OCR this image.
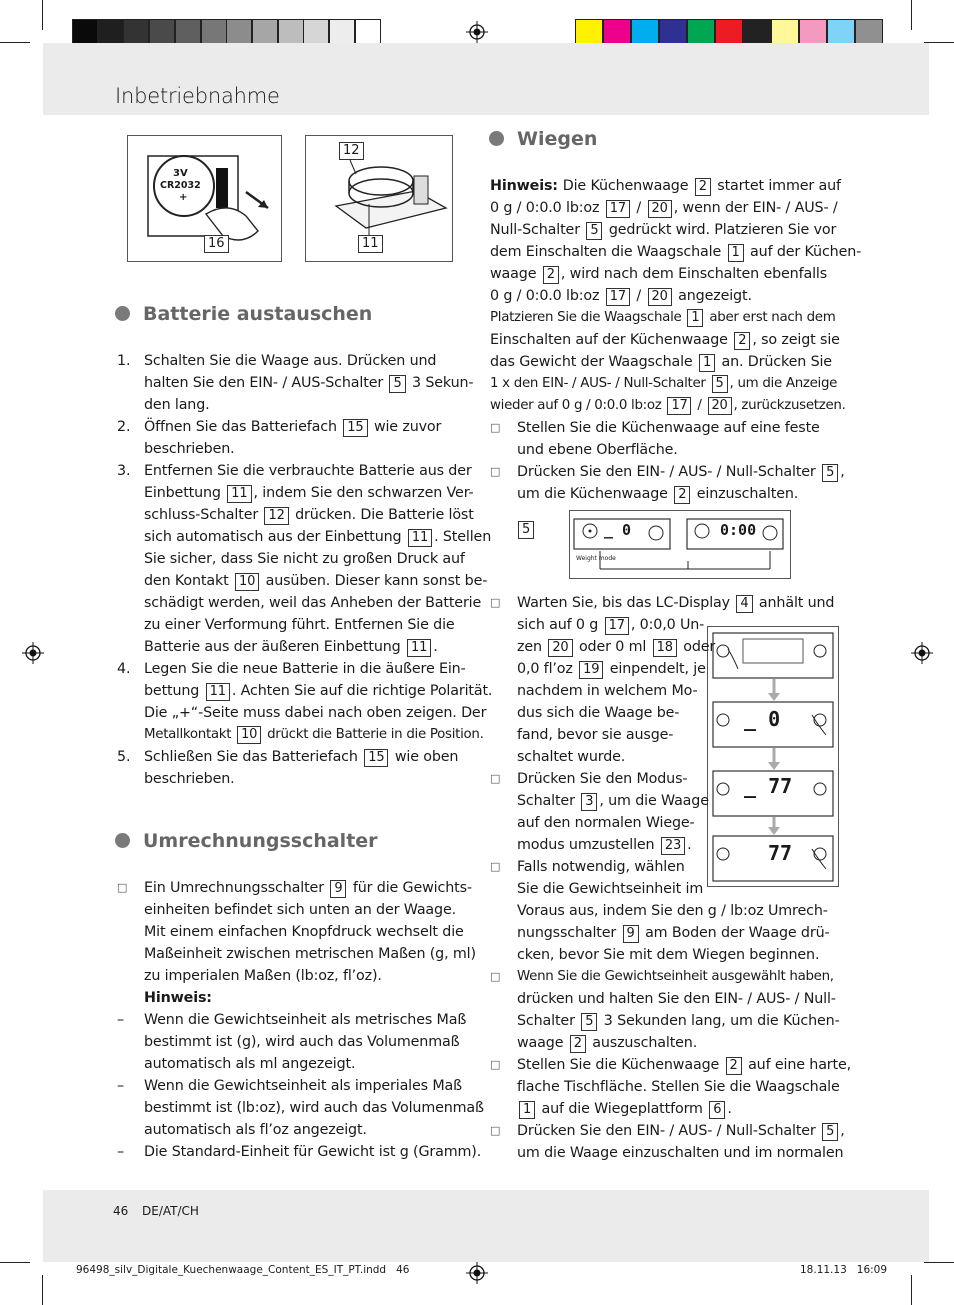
Inbetriebnahme
3V
CR2032
+
16
12
11
Batterie austauschen
1. Schalten Sie die Waage aus. Drücken und
halten Sie den EIN- / AUS-Schalter 5 3 Sekun-
den lang.
2. Öffnen Sie das Batteriefach 15 wie zuvor
beschrieben.
3. Entfernen Sie die verbrauchte Batterie aus der
Einbettung 11 , indem Sie den schwarzen Ver-
schluss-Schalter 12 drücken. Die Batterie löst
sich automatisch aus der Einbettung 11 . Stellen
Sie sicher, dass Sie nicht zu großen Druck auf
den Kontakt 10 ausüben. Dieser kann sonst be-
schädigt werden, weil das Anheben der Batterie
zu einer Verformung führt. Entfernen Sie die
Batterie aus der äußeren Einbettung 11 .
4. Legen Sie die neue Batterie in die äußere Ein-
bettung 11 . Achten Sie auf die richtige Polarität.
Die „+“-Seite muss dabei nach oben zeigen. Der
Metallkontakt 10 drückt die Batterie in die Position.
5. Schließen Sie das Batteriefach 15 wie oben
beschrieben.
Umrechnungsschalter
□ Ein Umrechnungsschalter 9 für die Gewichts-
einheiten befindet sich unten an der Waage.
Mit einem einfachen Knopfdruck wechselt die
Maßeinheit zwischen metrischen Maßen (g, ml)
zu imperialen Maßen (lb:oz, fl’oz).
Hinweis:
– Wenn die Gewichtseinheit als metrisches Maß
bestimmt ist (g), wird auch das Volumenmaß
automatisch als ml angezeigt.
– Wenn die Gewichtseinheit als imperiales Maß
bestimmt ist (lb:oz), wird auch das Volumenmaß
automatisch als fl’oz angezeigt.
– Die Standard-Einheit für Gewicht ist g (Gramm).
Wiegen
Hinweis: Die Küchenwaage 2 startet immer auf
0 g / 0:0.0 lb:oz 17 / 20 , wenn der EIN- / AUS- /
Null-Schalter 5 gedrückt wird. Platzieren Sie vor
dem Einschalten die Waagschale 1 auf der Küchen-
waage 2 , wird nach dem Einschalten ebenfalls
0 g / 0:0.0 lb:oz 17 / 20 angezeigt.
Platzieren Sie die Waagschale 1 aber erst nach dem
Einschalten auf der Küchenwaage 2 , so zeigt sie
das Gewicht der Waagschale 1 an. Drücken Sie
1 x den EIN- / AUS- / Null-Schalter 5 , um die Anzeige
wieder auf 0 g / 0:0.0 lb:oz 17 / 20 , zurückzusetzen.
□ Stellen Sie die Küchenwaage auf eine feste
und ebene Oberfläche.
□ Drücken Sie den EIN- / AUS- / Null-Schalter 5 ,
um die Küchenwaage 2 einzuschalten.
5	_ 0	0:00
Weight mode
_ 0
_ 77
77
□ Warten Sie, bis das LC-Display 4 anhält und
sich auf 0 g 17 , 0:0,0 Un-
zen 20 oder 0 ml 18 oder
0,0 fl’oz 19 einpendelt, je
nachdem in welchem Mo-
dus sich die Waage be-
fand, bevor sie ausge-
schaltet wurde.
□ Drücken Sie den Modus-
Schalter 3 , um die Waage
auf den normalen Wiege-
modus umzustellen 23 .
□ Falls notwendig, wählen
Sie die Gewichtseinheit im
Voraus aus, indem Sie den g / lb:oz Umrech-
nungsschalter 9 am Boden der Waage drü-
cken, bevor Sie mit dem Wiegen beginnen.
□ Wenn Sie die Gewichtseinheit ausgewählt haben,
drücken und halten Sie den EIN- / AUS- / Null-
Schalter 5 3 Sekunden lang, um die Küchen-
waage 2 auszuschalten.
□ Stellen Sie die Küchenwaage 2 auf eine harte,
flache Tischfläche. Stellen Sie die Waagschale
1 auf die Wiegeplattform 6 .
□ Drücken Sie den EIN- / AUS- / Null-Schalter 5 ,
um die Waage einzuschalten und im normalen
46 DE/AT/CH
96498_silv_Digitale_Kuechenwaage_Content_ES_IT_PT.indd   46	18.11.13   16:09
